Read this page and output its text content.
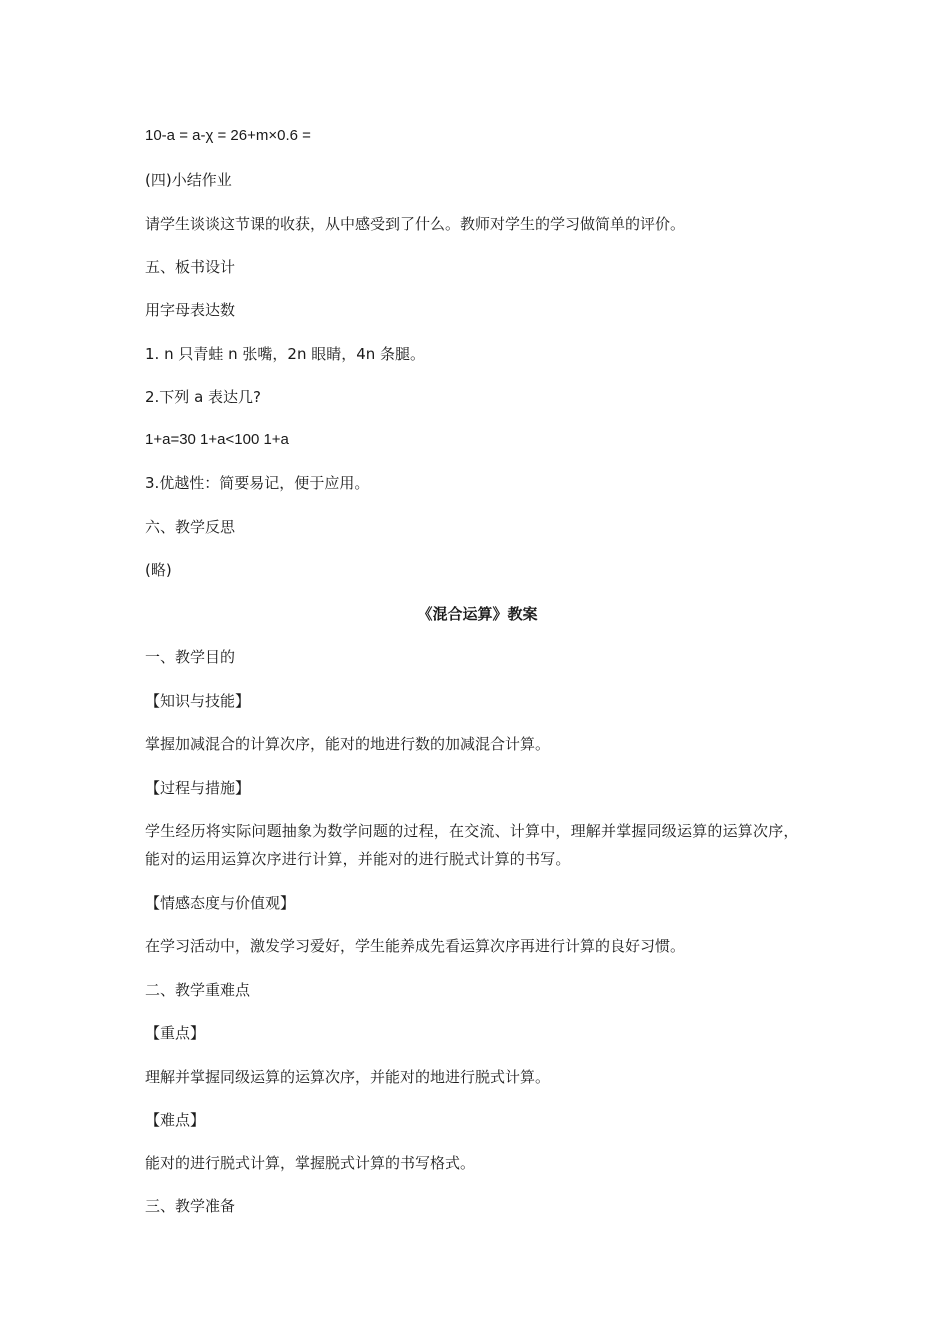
10-a = a-χ = 26+m×0.6 =
(四)小结作业
请学生谈谈这节课的收获，从中感受到了什么。教师对学生的学习做简单的评价。
五、板书设计
用字母表达数
1. n 只青蛙 n 张嘴，2n 眼睛，4n 条腿。
2.下列 a 表达几?
1+a=30 1+a<100 1+a
3.优越性：简要易记，便于应用。
六、教学反思
(略)
《混合运算》教案
一、教学目的
【知识与技能】
掌握加减混合的计算次序，能对的地进行数的加减混合计算。
【过程与措施】
学生经历将实际问题抽象为数学问题的过程，在交流、计算中，理解并掌握同级运算的运算次序，能对的运用运算次序进行计算，并能对的进行脱式计算的书写。
【情感态度与价值观】
在学习活动中，激发学习爱好，学生能养成先看运算次序再进行计算的良好习惯。
二、教学重难点
【重点】
理解并掌握同级运算的运算次序，并能对的地进行脱式计算。
【难点】
能对的进行脱式计算，掌握脱式计算的书写格式。
三、教学准备
